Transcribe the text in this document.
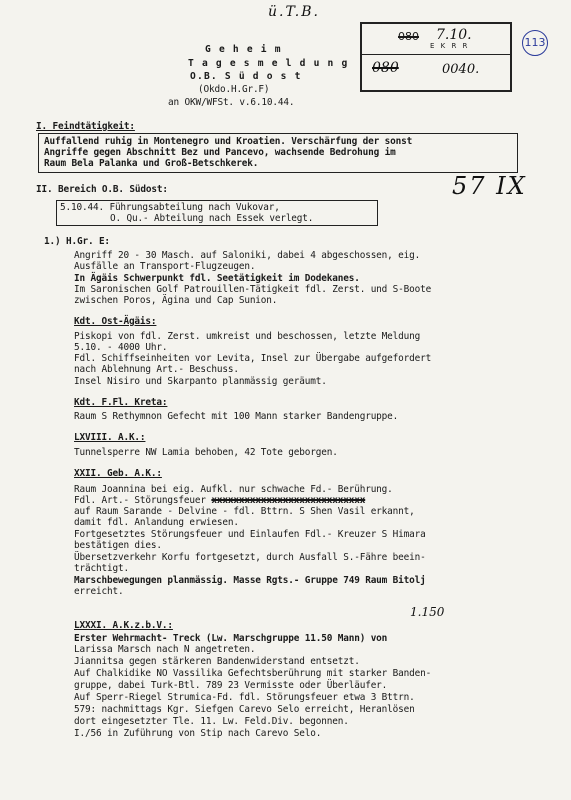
ü.T.B.
G e h e i m
T a g e s m e l d u n g
O.B. S ü d o s t
(Okdo.H.Gr.F)
an OKW/WFSt. v.6.10.44.
080 7.10.
E K R R
080	0040.
113
57 IX
I. Feindtätigkeit:
Auffallend ruhig in Montenegro und Kroatien. Verschärfung der sonst
Angriffe gegen Abschnitt Bez und Pancevo, wachsende Bedrohung im
Raum Bela Palanka und Groß-Betschkerek.
II. Bereich O.B. Südost:
5.10.44. Führungsabteilung nach Vukovar,
O. Qu.- Abteilung nach Essek verlegt.
1.) H.Gr. E:
Angriff 20 - 30 Masch. auf Saloniki, dabei 4 abgeschossen, eig.
Ausfälle an Transport-Flugzeugen.
In Ägäis Schwerpunkt fdl. Seetätigkeit im Dodekanes.
Im Saronischen Golf Patrouillen-Tätigkeit fdl. Zerst. und S-Boote
zwischen Poros, Ägina und Cap Sunion.
Kdt. Ost-Ägäis:
Piskopi von fdl. Zerst. umkreist und beschossen, letzte Meldung
5.10. - 4000 Uhr.
Fdl. Schiffseinheiten vor Levita, Insel zur Übergabe aufgefordert
nach Ablehnung Art.- Beschuss.
Insel Nisiro und Skarpanto planmässig geräumt.
Kdt. F.Fl. Kreta:
Raum S Rethymnon Gefecht mit 100 Mann starker Bandengruppe.
LXVIII. A.K.:
Tunnelsperre NW Lamia behoben, 42 Tote geborgen.
XXII. Geb. A.K.:
Raum Joannina bei eig. Aufkl. nur schwache Fd.- Berührung.
Fdl. Art.- Störungsfeuer xxxxxxxxxxxxxxxxxxxxxxxxxxxx
auf Raum Sarande - Delvine - fdl. Bttrn. S Shen Vasil erkannt,
damit fdl. Anlandung erwiesen.
Fortgesetztes Störungsfeuer und Einlaufen Fdl.- Kreuzer S Himara
bestätigen dies.
Übersetzverkehr Korfu fortgesetzt, durch Ausfall S.-Fähre beein-
trächtigt.
Marschbewegungen planmässig. Masse Rgts.- Gruppe 749 Raum Bitolj
erreicht.
1.150
LXXXI. A.K.z.b.V.:
Erster Wehrmacht- Treck (Lw. Marschgruppe 11.50 Mann) von
Larissa Marsch nach N angetreten.
Jiannitsa gegen stärkeren Bandenwiderstand entsetzt.
Auf Chalkidike NO Vassilika Gefechtsberührung mit starker Banden-
gruppe, dabei Turk-Btl. 789 23 Vermisste oder Überläufer.
Auf Sperr-Riegel Strumica-Fd. fdl. Störungsfeuer etwa 3 Bttrn.
579: nachmittags Kgr. Siefgen Carevo Selo erreicht, Heranlösen
dort eingesetzter Tle. 11. Lw. Feld.Div. begonnen.
I./56 in Zuführung von Stip nach Carevo Selo.
